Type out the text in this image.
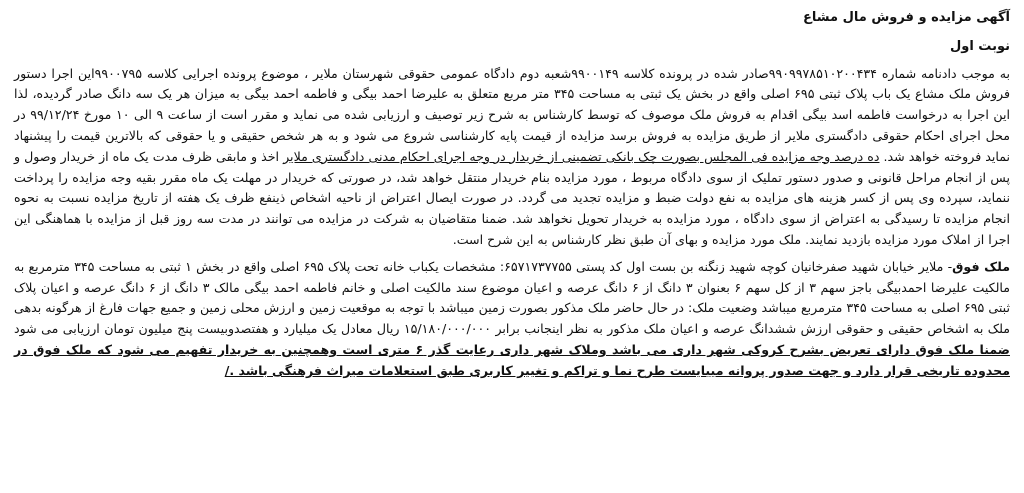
آگهی مزایده و فروش مال مشاع

نوبت اول

به موجب دادنامه شماره ۹۹۰۹۹۷۸۵۱۰۲۰۰۴۳۴صادر شده در پرونده کلاسه ۹۹۰۰۱۴۹شعبه دوم دادگاه عمومی حقوقی شهرستان ملایر ، موضوع پرونده اجرایی کلاسه ۹۹۰۰۷۹۵این اجرا دستور فروش ملک مشاع یک باب پلاک ثبتی ۶۹۵ اصلی واقع در بخش یک ثبتی به مساحت ۳۴۵ متر مربع متعلق به علیرضا احمد بیگی و فاطمه احمد بیگی به میزان هر یک سه دانگ صادر گردیده، لذا این اجرا به درخواست فاطمه اسد بیگی اقدام به فروش ملک موصوف که توسط کارشناس به شرح زیر توصیف و ارزیابی شده می نماید و مقرر است از ساعت ۹ الی ۱۰ مورخ ۹۹/۱۲/۲۴ در محل اجرای احکام حقوقی دادگستری ملایر از طریق مزایده به فروش برسد مزایده از قیمت پایه کارشناسی شروع می شود و به هر شخص حقیقی و یا حقوقی که بالاترین قیمت را پیشنهاد نماید فروخته خواهد شد. ده درصد وجه مزایده فی المجلس بصورت چک بانکی تضمینی از خریدار در وجه اجرای احکام مدنی دادگستری ملایر اخذ و مابقی ظرف مدت یک ماه از خریدار وصول و پس از انجام مراحل قانونی و صدور دستور تملیک از سوی دادگاه مربوط ، مورد مزایده بنام خریدار منتقل خواهد شد، در صورتی که خریدار در مهلت یک ماه مقرر بقیه وجه مزایده را پرداخت ننماید، سپرده وی پس از کسر هزینه های مزایده به نفع دولت ضبط و مزایده تجدید می گردد. در صورت ایصال اعتراض از ناحیه اشخاص ذینفع ظرف یک هفته از تاریخ مزایده نسبت به نحوه انجام مزایده تا رسیدگی به اعتراض از سوی دادگاه ، مورد مزایده به خریدار تحویل نخواهد شد. ضمنا متقاضیان به شرکت در مزایده می توانند در مدت سه روز قبل از مزایده با هماهنگی این اجرا از املاک مورد مزایده بازدید نمایند. ملک مورد مزایده و بهای آن طبق نظر کارشناس به این شرح است.

ملک فوق- ملایر خیابان شهید صفرخانیان کوچه شهید زنگنه بن بست اول کد پستی ۶۵۷۱۷۳۷۷۵۵: مشخصات یکباب خانه تحت پلاک ۶۹۵ اصلی واقع در بخش ۱ ثبتی به مساحت ۳۴۵ مترمربع به مالکیت علیرضا احمدبیگی باجز سهم ۳ از کل سهم ۶ بعنوان ۳ دانگ از ۶ دانگ عرصه و اعیان موضوع سند مالکیت اصلی و خانم فاطمه احمد بیگی مالک ۳ دانگ از ۶ دانگ عرصه و اعیان پلاک ثبتی ۶۹۵ اصلی به مساحت ۳۴۵ مترمربع میباشد وضعیت ملک: در حال حاضر ملک مذکور بصورت زمین میباشد با توجه به موقعیت زمین و ارزش محلی زمین و جمیع جهات فارغ از هرگونه بدهی ملک به اشخاص حقیقی و حقوقی ارزش ششدانگ عرصه و اعیان ملک مذکور به نظر اینجانب برابر ۱۵/۱۸۰/۰۰۰/۰۰۰ ریال معادل یک میلیارد و هفتصدوبیست پنج میلیون تومان ارزیابی می شود ضمنا ملک فوق دارای تعریض بشرح کروکی شهر داری می باشد وملاک شهر داری رعایت گذر ۶ متری است وهمچنین به خریدار تفهیم می شود که ملک فوق در محدوده تاریخی قرار دارد و جهت صدور پروانه میبایست طرح نما و تراکم و تغییر کاربری طبق استعلامات میراث فرهنگی باشد ./
